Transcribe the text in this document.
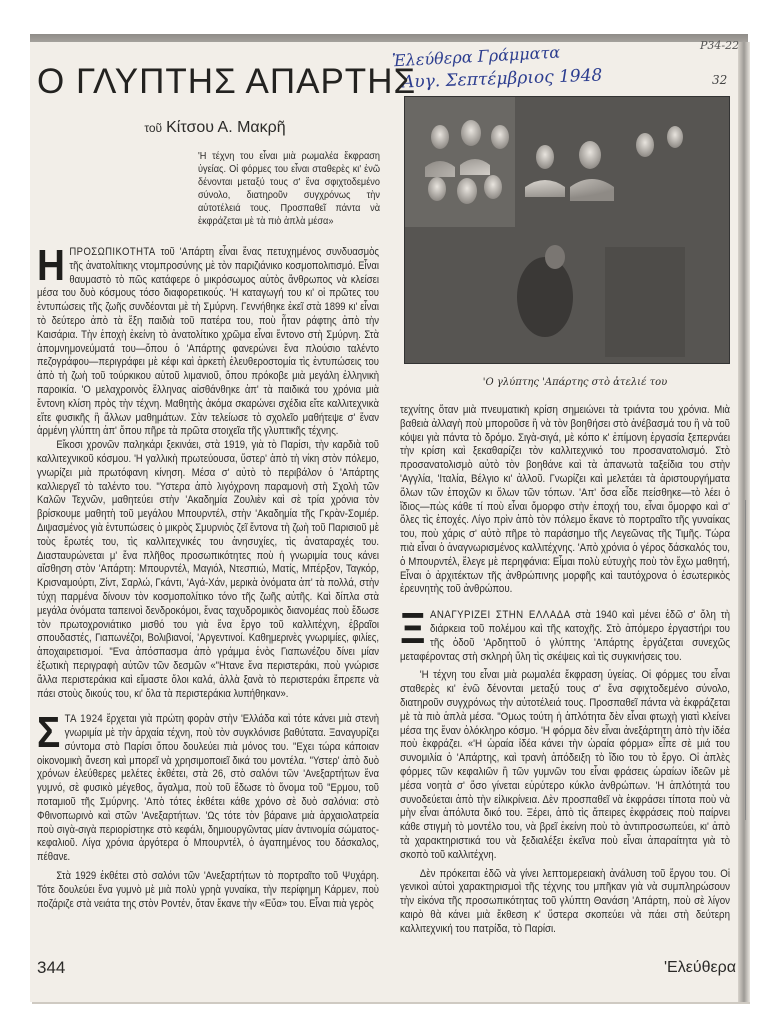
Ρ34-22
Ἐλεύθερα Γράμματα
Αυγ. Σεπτέμβριος 1948	32
Ο ΓΛΥΠΤΗΣ ΑΠΑΡΤΗΣ
τοῦ Κίτσου Α. Μακρῆ
'Η τέχνη του εἶναι μιὰ ρωμαλέα ἔκφραση ὑγείας. Οἱ φόρμες του εἶναι σταθερὲς κι' ἐνῶ δένονται μεταξύ τους σ' ἕνα σφιχτοδεμένο σύνολο, διατηροῦν συγχρόνως τὴν αὐτοτέλειά τους. Προσπαθεῖ πάντα νὰ ἐκφράζεται μὲ τὰ πιὸ ἁπλὰ μέσα»
'Ο γλύπτης 'Απάρτης στὸ ἀτελιέ του

ΗΠΡΟΣΩΠΙΚΟΤΗΤΑ τοῦ 'Απάρτη εἶναι ἕνας πετυχημένος συνδυασμὸς τῆς ἀνατολίτικης ντομπροσύνης μὲ τὸν παριζιάνικο κοσμοπολιτισμό. Εἶναι θαυμαστὸ τὸ πῶς κατάφερε ὁ μικρόσωμος αὐτὸς ἄνθρωπος νὰ κλείσει μέσα του δυὸ κόσμους τόσο διαφορετικούς. 'Η καταγωγή του κι' οἱ πρῶτες του ἐντυπώσεις τῆς ζωῆς συνδέονται μὲ τὴ Σμύρνη. Γεννήθηκε ἐκεῖ στὰ 1899 κι' εἶναι τὸ δεύτερο ἀπὸ τὰ ἔξη παιδιὰ τοῦ πατέρα του, ποὺ ἦταν ράφτης ἀπὸ τὴν Καισάρια. Τὴν ἐποχὴ ἐκείνη τὸ ἀνατολίτικο χρῶμα εἶναι ἔντονο στὴ Σμύρνη. Στὰ ἀπομνημονεύματά του—ὅπου ὁ 'Απάρτης φανερώνει ἕνα πλούσιο ταλέντο πεζογράφου—περιγράφει μὲ κέφι καὶ ἀρκετὴ ἐλευθεροστομία τὶς ἐντυπώσεις του ἀπὸ τὴ ζωὴ τοῦ τούρκικου αὐτοῦ λιμανιοῦ, ὅπου πρόκοβε μιὰ μεγάλη ἑλληνικὴ παροικία. 'Ο μελαχροινὸς ἕλληνας αἰσθάνθηκε ἀπ' τὰ παιδικά του χρόνια μιὰ ἔντονη κλίση πρὸς τὴν τέχνη. Μαθητὴς ἀκόμα σκαρώνει σχέδια εἴτε καλλιτεχνικὰ εἴτε φυσικῆς ἢ ἄλλων μαθημάτων. Σὰν τελείωσε τὸ σχολεῖο μαθήτεψε σ' ἕναν ἀρμένη γλύπτη ἀπ' ὅπου πῆρε τὰ πρῶτα στοιχεῖα τῆς γλυπτικῆς τέχνης.

Εἴκοσι χρονῶν παληκάρι ξεκινάει, στὰ 1919, γιὰ τὸ Παρίσι, τὴν καρδιὰ τοῦ καλλιτεχνικοῦ κόσμου. 'Η γαλλικὴ πρωτεύουσα, ὕστερ' ἀπὸ τὴ νίκη στὸν πόλεμο, γνωρίζει μιὰ πρωτόφανη κίνηση. Μέσα σ' αὐτὸ τὸ περιβάλον ὁ 'Απάρτης καλλιεργεῖ τὸ ταλέντο του. "Υστερα ἀπὸ λιγόχρονη παραμονὴ στὴ Σχολὴ τῶν Καλῶν Τεχνῶν, μαθητεύει στὴν 'Ακαδημία Ζουλιὲν καὶ σὲ τρία χρόνια τὸν βρίσκουμε μαθητὴ τοῦ μεγάλου Μπουρντέλ, στὴν 'Ακαδημία τῆς Γκρὰν-Σομιέρ. Διψασμένος γιὰ ἐντυπώσεις ὁ μικρὸς Σμυρνιὸς ζεῖ ἔντονα τὴ ζωὴ τοῦ Παρισιοῦ μὲ τοὺς ἔρωτές του, τὶς καλλιτεχνικές του ἀνησυχίες, τὶς ἀναταραχές του. Διασταυρώνεται μ' ἕνα πλῆθος προσωπικότητες ποὺ ἡ γνωριμία τους κάνει αἴσθηση στὸν 'Απάρτη: Μπουρντέλ, Μαγιόλ, Ντεσπιώ, Ματίς, Μπέρξον, Ταγκόρ, Κρισναμούρτι, Ζίντ, Σαρλώ, Γκάντι, 'Αγά-Χάν, μερικὰ ὀνόματα ἀπ' τὰ πολλά, στὴν τύχη παρμένα δίνουν τὸν κοσμοπολίτικο τόνο τῆς ζωῆς αὐτῆς. Καὶ δίπλα στὰ μεγάλα ὀνόματα ταπεινοὶ δενδροκόμοι, ἕνας ταχυδρομικὸς διανομέας ποὺ ἔδωσε τὸν πρωτοχρονιάτικο μισθό του γιὰ ἕνα ἔργο τοῦ καλλιτέχνη, ἑβραῖοι σπουδαστές, Γιαπωνέζοι, Βολιβιανοί, 'Αργεντινοί. Καθημερινὲς γνωριμίες, φιλίες, ἀποχαιρετισμοί. "Ενα ἀπόσπασμα ἀπὸ γράμμα ἑνὸς Γιαπωνέζου δίνει μίαν ἐξωτικὴ περιγραφὴ αὐτῶν τῶν δεσμῶν «"Ητανε ἕνα περιστεράκι, ποὺ γνώρισε ἄλλα περιστεράκια καὶ εἴμαστε ὅλοι καλά, ἀλλὰ ξανὰ τὸ περιστεράκι ἔπρεπε νὰ πάει στοὺς δικούς του, κι' ὅλα τὰ περιστεράκια λυπήθηκαν».

ΣΤΑ 1924 ἔρχεται γιὰ πρώτη φορὰν στὴν 'Ελλάδα καὶ τότε κάνει μιὰ στενὴ γνωριμία μὲ τὴν ἀρχαία τέχνη, ποὺ τὸν συγκλόνισε βαθύτατα. Ξαναγυρίζει σύντομα στὸ Παρίσι ὅπου δουλεύει πιὰ μόνος του. "Εχει τώρα κάποιαν οἰκονομικὴ ἄνεση καὶ μπορεῖ νὰ χρησιμοποιεῖ δικά του μοντέλα. "Υστερ' ἀπὸ δυὸ χρόνων ἐλεύθερες μελέτες ἐκθέτει, στὰ 26, στὸ σαλόνι τῶν 'Ανεξαρτήτων ἕνα γυμνό, σὲ φυσικὸ μέγεθος, ἄγαλμα, ποὺ τοῦ ἔδωσε τὸ ὄνομα τοῦ "Ερμου, τοῦ ποταμιοῦ τῆς Σμύρνης. 'Απὸ τότες ἐκθέτει κάθε χρόνο σὲ δυὸ σαλόνια: στὸ Φθινοπωρινὸ καὶ στῶν 'Ανεξαρτήτων. 'Ως τότε τὸν βάραινε μιὰ ἀρχαιολατρεία ποὺ σιγὰ-σιγὰ περιορίστηκε στὸ κεφάλι, δημιουργῶντας μίαν ἀντινομία σώματος-κεφαλιοῦ. Λίγα χρόνια ἀργότερα ὁ Μπουρντέλ, ὁ ἀγαπημένος του δάσκαλος, πέθανε.

Στὰ 1929 ἐκθέτει στὸ σαλόνι τῶν 'Ανεξαρτήτων τὸ πορτραῖτο τοῦ Ψυχάρη. Τότε δουλεύει ἕνα γυμνὸ μὲ μιὰ πολὺ γρηὰ γυναίκα, τὴν περίφημη Κάρμεν, ποὺ ποζάριζε στὰ νειάτα της στὸν Ροντέν, ὅταν ἔκανε τὴν «Εὔα» του. Εἶναι πιὰ γερὸς

τεχνίτης ὅταν μιὰ πνευματικὴ κρίση σημειώνει τὰ τριάντα του χρόνια. Μιὰ βαθειὰ ἀλλαγὴ ποὺ μποροῦσε ἢ νὰ τὸν βοηθήσει στὸ ἀνέβασμά του ἢ νὰ τοῦ κόψει γιὰ πάντα τὸ δρόμο. Σιγὰ-σιγά, μὲ κόπο κ' ἐπίμονη ἐργασία ξεπερνάει τὴν κρίση καὶ ξεκαθαρίζει τὸν καλλιτεχνικό του προσανατολισμό. Στὸ προσανατολισμὸ αὐτὸ τὸν βοηθάνε καὶ τὰ ἀπανωτὰ ταξείδια του στὴν 'Αγγλία, 'Ιταλία, Βέλγιο κι' ἀλλοῦ. Γνωρίζει καὶ μελετάει τὰ ἀριστουργήματα ὅλων τῶν ἐποχῶν κι ὅλων τῶν τόπων. 'Απ' ὅσα εἶδε πείσθηκε—τὸ λέει ὁ ἴδιος—πὼς κάθε τί ποὺ εἶναι ὄμορφο στὴν ἐποχή του, εἶναι ὄμορφο καὶ σ' ὅλες τὶς ἐποχές. Λίγο πρὶν ἀπὸ τὸν πόλεμο ἔκανε τὸ πορτραῖτο τῆς γυναίκας του, ποὺ χάρις σ' αὐτὸ πῆρε τὸ παράσημο τῆς Λεγεῶνας τῆς Τιμῆς. Τώρα πιὰ εἶναι ὁ ἀναγνωρισμένος καλλιτέχνης. 'Απὸ χρόνια ὁ γέρος δάσκαλός του, ὁ Μπουρντέλ, ἔλεγε μὲ περηφάνια: Εἶμαι πολὺ εὐτυχὴς ποὺ τὸν ἔχω μαθητή, Εἶναι ὁ ἀρχιτέκτων τῆς ἀνθρώπινης μορφῆς καὶ ταυτόχρονα ὁ ἐσωτερικὸς ἐρευνητὴς τοῦ ἀνθρώπου.

ΞΑΝΑΓΥΡΙΖΕΙ ΣΤΗΝ ΕΛΛΑΔΑ στὰ 1940 καὶ μένει ἐδῶ σ' ὅλη τὴ διάρκεια τοῦ πολέμου καὶ τῆς κατοχῆς. Στὸ ἀπόμερο ἐργαστήρι του τῆς ὁδοῦ 'Αρδηττοῦ ὁ γλύπτης 'Απάρτης ἐργάζεται συνεχῶς μεταφέροντας στὴ σκληρὴ ὕλη τὶς σκέψεις καὶ τὶς συγκινήσεις του.

'Η τέχνη του εἶναι μιὰ ρωμαλέα ἔκφραση ὑγείας. Οἱ φόρμες του εἶναι σταθερὲς κι' ἐνῶ δένονται μεταξύ τους σ' ἕνα σφιχτοδεμένο σύνολο, διατηροῦν συγχρόνως τὴν αὐτοτέλειά τους. Προσπαθεῖ πάντα νὰ ἐκφράζεται μὲ τὰ πιὸ ἁπλὰ μέσα. "Ομως τούτη ἡ ἁπλότητα δὲν εἶναι φτωχὴ γιατὶ κλείνει μέσα της ἕναν ὁλόκληρο κόσμο. 'Η φόρμα δὲν εἶναι ἀνεξάρτητη ἀπὸ τὴν ἰδέα ποὺ ἐκφράζει. «'Η ὡραία ἰδέα κάνει τὴν ὡραία φόρμα» εἶπε σὲ μιά του συνομιλία ὁ 'Απάρτης, καὶ τρανὴ ἀπόδειξη τὸ ἴδιο του τὸ ἔργο. Οἱ ἁπλὲς φόρμες τῶν κεφαλιῶν ἢ τῶν γυμνῶν του εἶναι φράσεις ὡραίων ἰδεῶν μὲ μέσα νοητὰ σ' ὅσο γίνεται εὐρύτερο κύκλο ἀνθρώπων. 'Η ἁπλότητά του συνοδεύεται ἀπὸ τὴν εἰλικρίνεια. Δὲν προσπαθεῖ νὰ ἐκφράσει τίποτα ποὺ νὰ μὴν εἶναι ἀπόλυτα δικό του. Ξέρει, ἀπὸ τὶς ἄπειρες ἐκφράσεις ποὺ παίρνει κάθε στιγμὴ τὸ μοντέλο του, νὰ βρεῖ ἐκείνη ποὺ τὸ ἀντιπροσωπεύει, κι' ἀπὸ τὰ χαρακτηριστικά του νὰ ξεδιαλέξει ἐκεῖνα ποὺ εἶναι ἀπαραίτητα γιὰ τὸ σκοπὸ τοῦ καλλιτέχνη.

Δὲν πρόκειται ἐδῶ νὰ γίνει λεπτομερειακὴ ἀνάλυση τοῦ ἔργου του. Οἱ γενικοὶ αὐτοὶ χαρακτηρισμοὶ τῆς τέχνης του μπῆκαν γιὰ νὰ συμπληρώσουν τὴν εἰκόνα τῆς προσωπικότητας τοῦ γλύπτη Θανάση 'Απάρτη, ποὺ σὲ λίγον καιρὸ θὰ κάνει μιὰ ἔκθεση κ' ὕστερα σκοπεύει νὰ πάει στὴ δεύτερη καλλιτεχνική του πατρίδα, τὸ Παρίσι.

344	'Ελεύθερα
